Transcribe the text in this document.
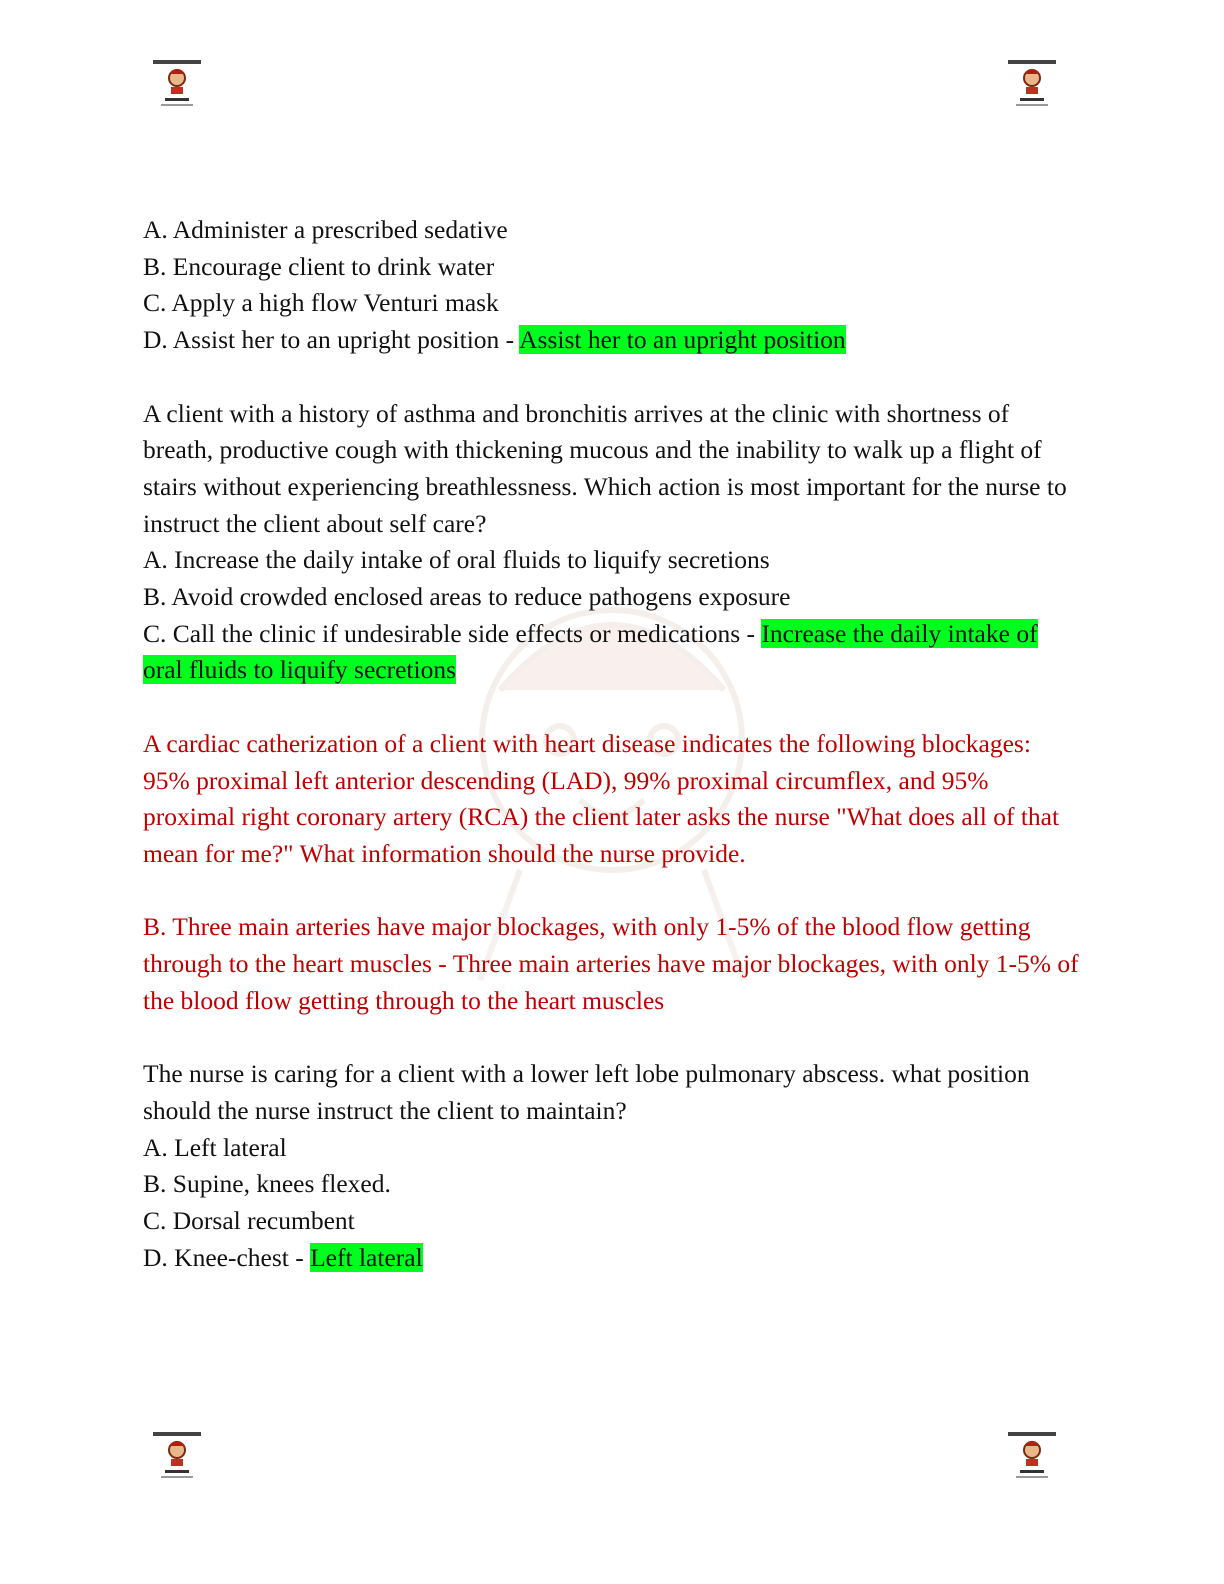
A. Administer a prescribed sedative

B. Encourage client to drink water

C. Apply a high flow Venturi mask

D. Assist her to an upright position - Assist her to an upright position

A client with a history of asthma and bronchitis arrives at the clinic with shortness of breath, productive cough with thickening mucous and the inability to walk up a flight of stairs without experiencing breathlessness. Which action is most important for the nurse to instruct the client about self care?

A. Increase the daily intake of oral fluids to liquify secretions

B. Avoid crowded enclosed areas to reduce pathogens exposure

C. Call the clinic if undesirable side effects or medications - Increase the daily intake of oral fluids to liquify secretions

A cardiac catherization of a client with heart disease indicates the following blockages: 95% proximal left anterior descending (LAD), 99% proximal circumflex, and 95% proximal right coronary artery (RCA) the client later asks the nurse "What does all of that mean for me?" What information should the nurse provide.

B. Three main arteries have major blockages, with only 1-5% of the blood flow getting through to the heart muscles - Three main arteries have major blockages, with only 1-5% of the blood flow getting through to the heart muscles

The nurse is caring for a client with a lower left lobe pulmonary abscess. what position should the nurse instruct the client to maintain?

A. Left lateral

B. Supine, knees flexed.

C. Dorsal recumbent

D. Knee-chest - Left lateral
